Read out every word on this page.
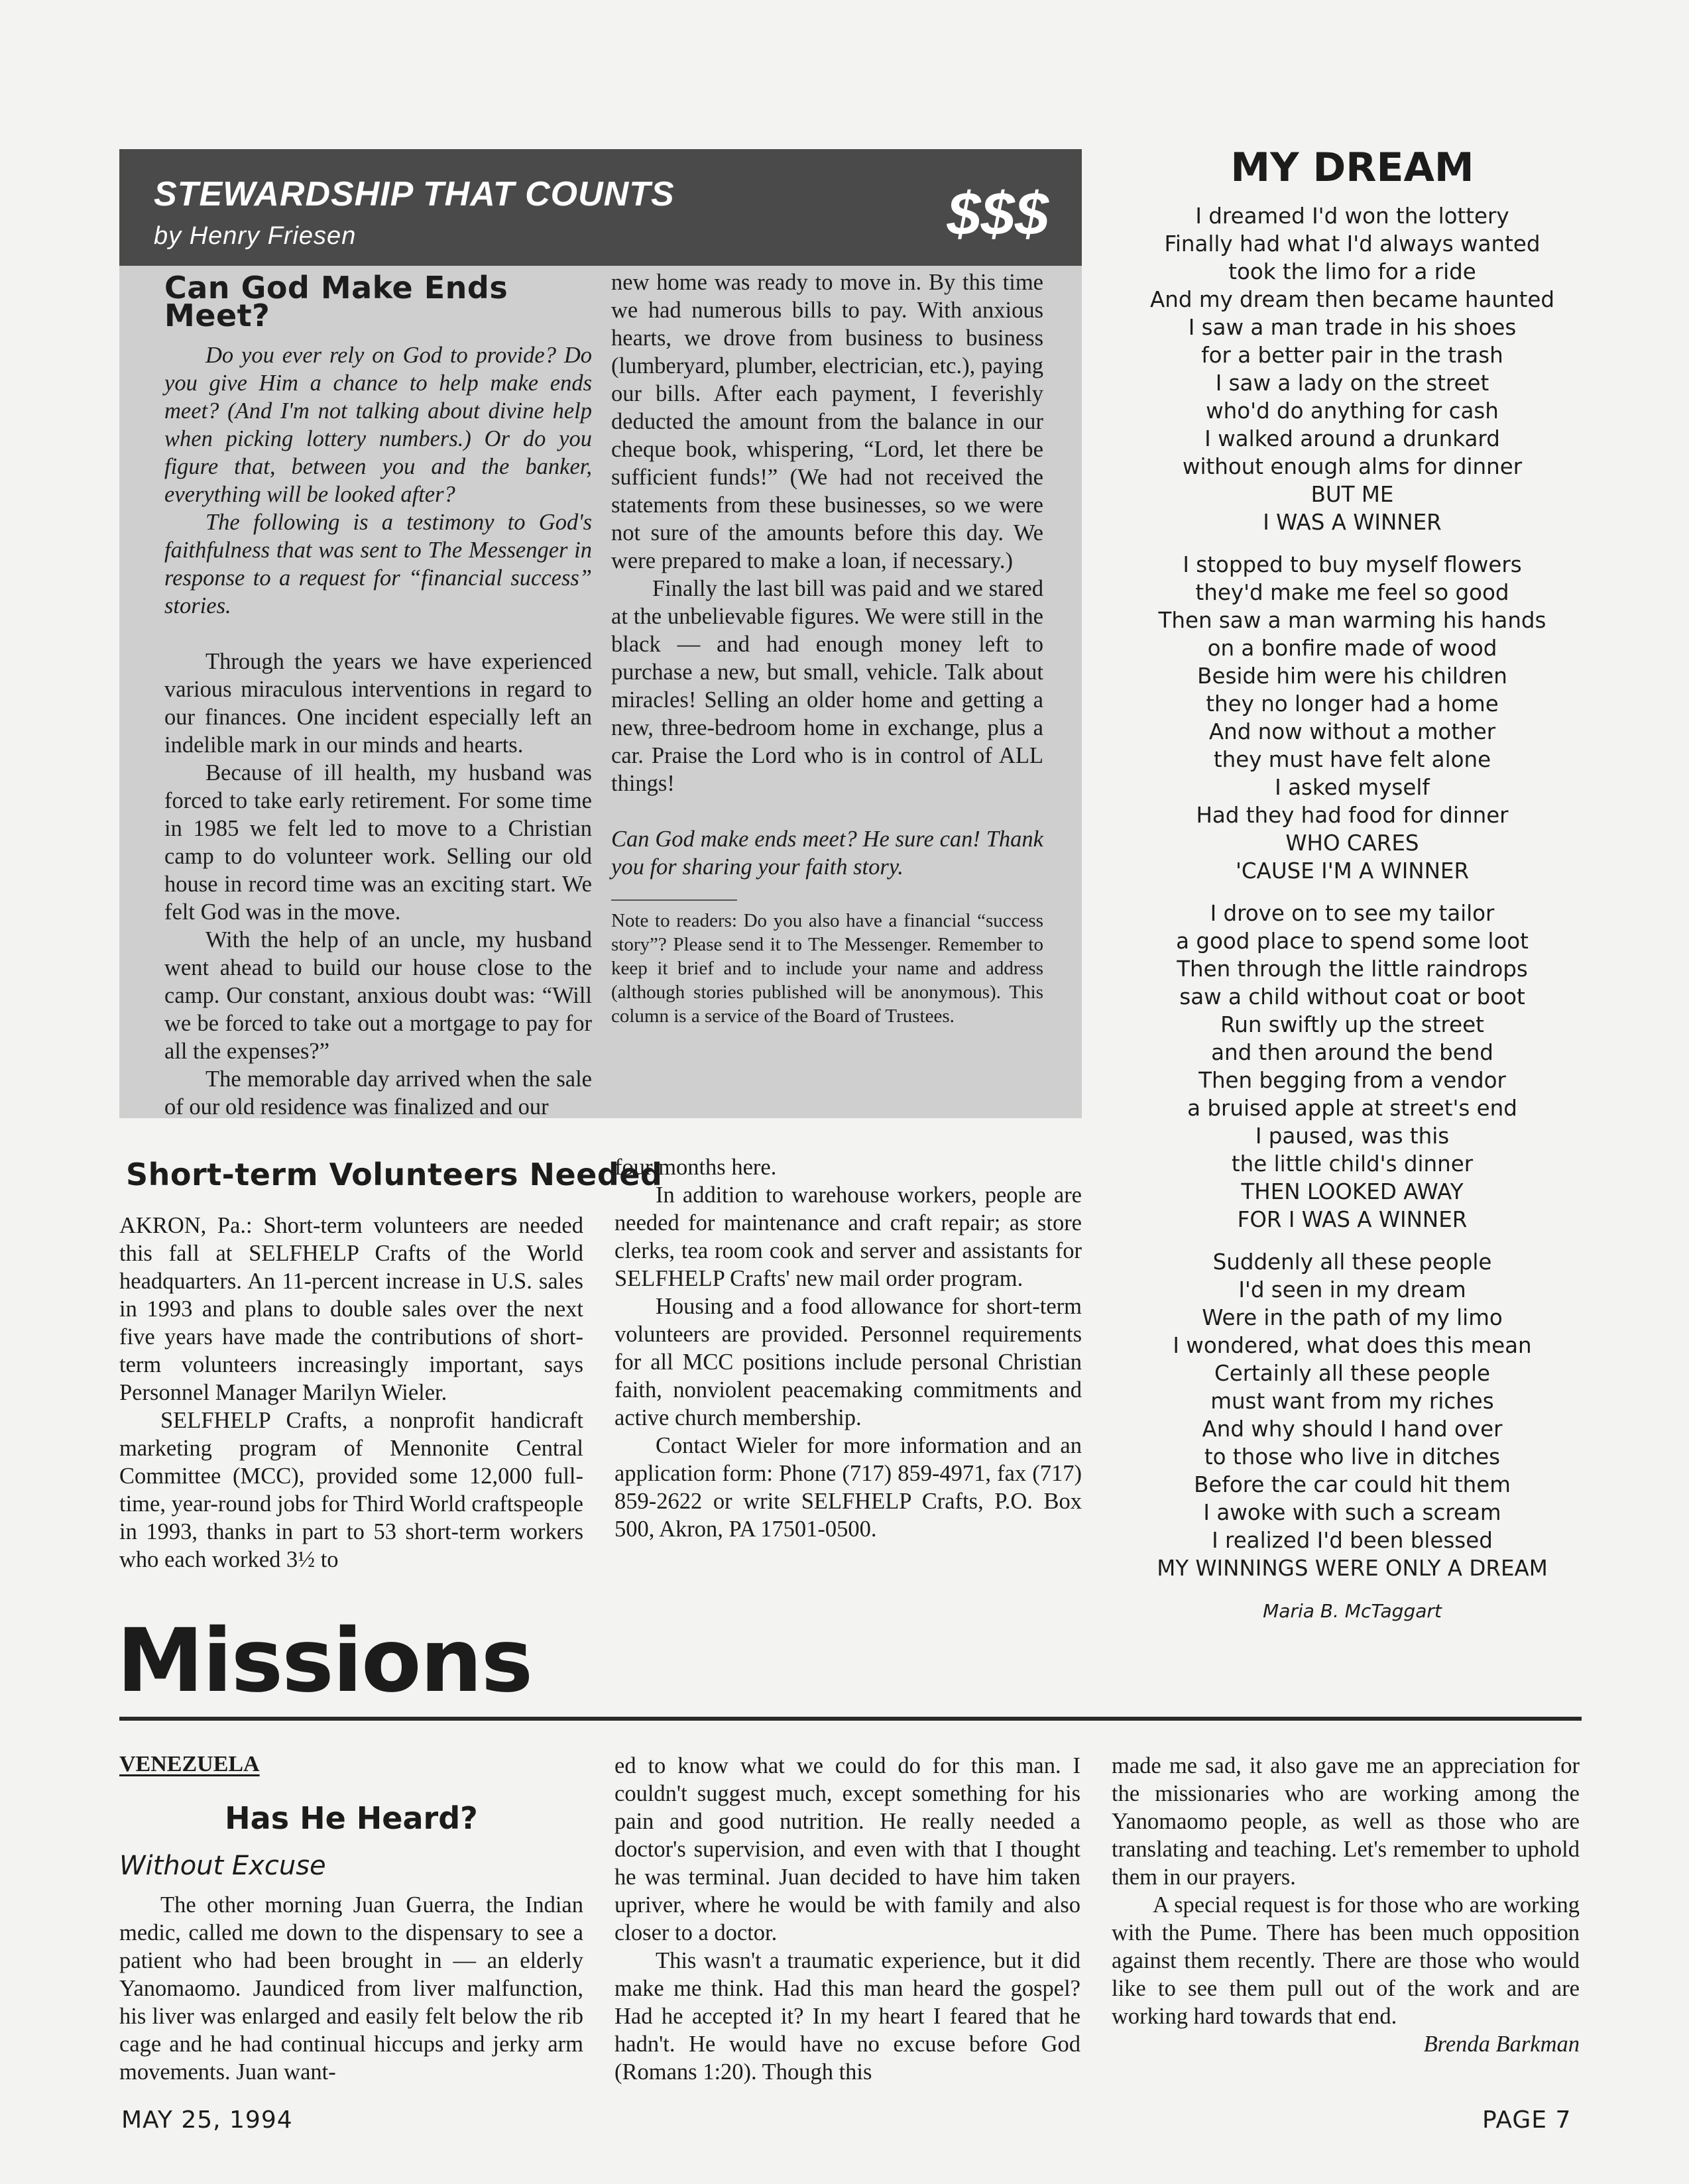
STEWARDSHIP THAT COUNTS
by Henry Friesen	$$$
Can God Make Ends Meet?

Do you ever rely on God to provide? Do you give Him a chance to help make ends meet? (And I'm not talking about divine help when picking lottery numbers.) Or do you figure that, between you and the banker, everything will be looked after?

The following is a testimony to God's faithfulness that was sent to The Messenger in response to a request for “financial success” stories.

Through the years we have experienced various miraculous interventions in regard to our finances. One incident especially left an indelible mark in our minds and hearts.

Because of ill health, my husband was forced to take early retirement. For some time in 1985 we felt led to move to a Christian camp to do volunteer work. Selling our old house in record time was an exciting start. We felt God was in the move.

With the help of an uncle, my husband went ahead to build our house close to the camp. Our constant, anxious doubt was: “Will we be forced to take out a mortgage to pay for all the expenses?”

The memorable day arrived when the sale of our old residence was finalized and our

new home was ready to move in. By this time we had numerous bills to pay. With anxious hearts, we drove from business to business (lumberyard, plumber, electrician, etc.), paying our bills. After each payment, I feverishly deducted the amount from the balance in our cheque book, whispering, “Lord, let there be sufficient funds!” (We had not received the statements from these businesses, so we were not sure of the amounts before this day. We were prepared to make a loan, if necessary.)

Finally the last bill was paid and we stared at the unbelievable figures. We were still in the black — and had enough money left to purchase a new, but small, vehicle. Talk about miracles! Selling an older home and getting a new, three-bedroom home in exchange, plus a car. Praise the Lord who is in control of ALL things!

Can God make ends meet? He sure can! Thank you for sharing your faith story.

Note to readers: Do you also have a financial “success story”? Please send it to The Messenger. Remember to keep it brief and to include your name and address (although stories published will be anonymous). This column is a service of the Board of Trustees.

Short-term Volunteers Needed

AKRON, Pa.: Short-term volunteers are needed this fall at SELFHELP Crafts of the World headquarters. An 11-percent increase in U.S. sales in 1993 and plans to double sales over the next five years have made the contributions of short-term volunteers increasingly important, says Personnel Manager Marilyn Wieler.

SELFHELP Crafts, a nonprofit handicraft marketing program of Mennonite Central Committee (MCC), provided some 12,000 full-time, year-round jobs for Third World craftspeople in 1993, thanks in part to 53 short-term workers who each worked 3½ to

four months here.

In addition to warehouse workers, people are needed for maintenance and craft repair; as store clerks, tea room cook and server and assistants for SELFHELP Crafts' new mail order program.

Housing and a food allowance for short-term volunteers are provided. Personnel requirements for all MCC positions include personal Christian faith, nonviolent peacemaking commitments and active church membership.

Contact Wieler for more information and an application form: Phone (717) 859-4971, fax (717) 859-2622 or write SELFHELP Crafts, P.O. Box 500, Akron, PA 17501-0500.

MY DREAM
I dreamed I'd won the lottery
Finally had what I'd always wanted
took the limo for a ride
And my dream then became haunted
I saw a man trade in his shoes
for a better pair in the trash
I saw a lady on the street
who'd do anything for cash
I walked around a drunkard
without enough alms for dinner
BUT ME
I WAS A WINNER
I stopped to buy myself flowers
they'd make me feel so good
Then saw a man warming his hands
on a bonfire made of wood
Beside him were his children
they no longer had a home
And now without a mother
they must have felt alone
I asked myself
Had they had food for dinner
WHO CARES
'CAUSE I'M A WINNER
I drove on to see my tailor
a good place to spend some loot
Then through the little raindrops
saw a child without coat or boot
Run swiftly up the street
and then around the bend
Then begging from a vendor
a bruised apple at street's end
I paused, was this
the little child's dinner
THEN LOOKED AWAY
FOR I WAS A WINNER
Suddenly all these people
I'd seen in my dream
Were in the path of my limo
I wondered, what does this mean
Certainly all these people
must want from my riches
And why should I hand over
to those who live in ditches
Before the car could hit them
I awoke with such a scream
I realized I'd been blessed
MY WINNINGS WERE ONLY A DREAM
Maria B. McTaggart
Missions
VENEZUELA
Has He Heard?
Without Excuse

The other morning Juan Guerra, the Indian medic, called me down to the dispensary to see a patient who had been brought in — an elderly Yanomaomo. Jaundiced from liver malfunction, his liver was enlarged and easily felt below the rib cage and he had continual hiccups and jerky arm movements. Juan want-

ed to know what we could do for this man. I couldn't suggest much, except something for his pain and good nutrition. He really needed a doctor's supervision, and even with that I thought he was terminal. Juan decided to have him taken upriver, where he would be with family and also closer to a doctor.

This wasn't a traumatic experience, but it did make me think. Had this man heard the gospel? Had he accepted it? In my heart I feared that he hadn't. He would have no excuse before God (Romans 1:20). Though this

made me sad, it also gave me an appreciation for the missionaries who are working among the Yanomaomo people, as well as those who are translating and teaching. Let's remember to uphold them in our prayers.

A special request is for those who are working with the Pume. There has been much opposition against them recently. There are those who would like to see them pull out of the work and are working hard towards that end.

Brenda Barkman

MAY 25, 1994	PAGE 7
